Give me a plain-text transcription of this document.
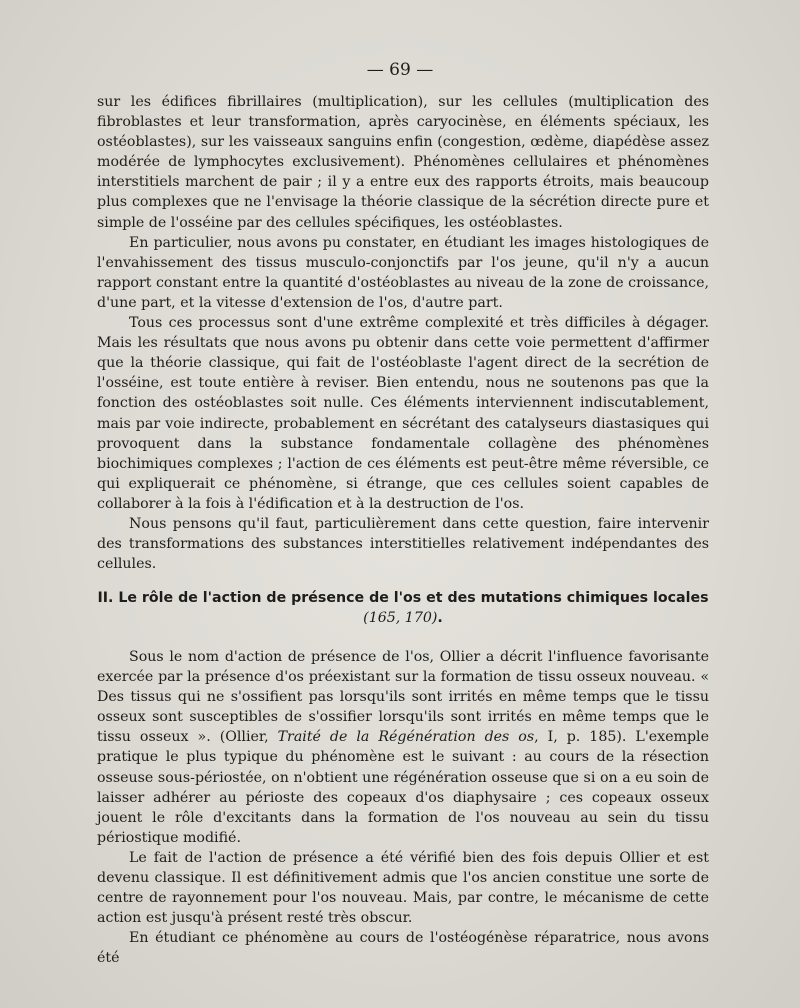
— 69 —

sur les édifices fibrillaires (multiplication), sur les cellules (multiplication des fibroblastes et leur transformation, après caryocinèse, en éléments spéciaux, les ostéoblastes), sur les vaisseaux sanguins enfin (congestion, œdème, diapédèse assez modérée de lymphocytes exclusivement). Phénomènes cellulaires et phénomènes interstitiels marchent de pair ; il y a entre eux des rapports étroits, mais beaucoup plus complexes que ne l'envisage la théorie classique de la sécrétion directe pure et simple de l'osséine par des cellules spécifiques, les ostéoblastes.

En particulier, nous avons pu constater, en étudiant les images histologiques de l'envahissement des tissus musculo-conjonctifs par l'os jeune, qu'il n'y a aucun rapport constant entre la quantité d'ostéoblastes au niveau de la zone de croissance, d'une part, et la vitesse d'extension de l'os, d'autre part.

Tous ces processus sont d'une extrême complexité et très difficiles à dégager. Mais les résultats que nous avons pu obtenir dans cette voie permettent d'affirmer que la théorie classique, qui fait de l'ostéoblaste l'agent direct de la secrétion de l'osséine, est toute entière à reviser. Bien entendu, nous ne soutenons pas que la fonction des ostéoblastes soit nulle. Ces éléments interviennent indiscutablement, mais par voie indirecte, probablement en sécrétant des catalyseurs diastasiques qui provoquent dans la substance fondamentale collagène des phénomènes biochimiques complexes ; l'action de ces éléments est peut-être même réversible, ce qui expliquerait ce phénomène, si étrange, que ces cellules soient capables de collaborer à la fois à l'édification et à la destruction de l'os.

Nous pensons qu'il faut, particulièrement dans cette question, faire intervenir des transformations des substances interstitielles relativement indépendantes des cellules.

II. Le rôle de l'action de présence de l'os et des mutations chimiques locales (165, 170).

Sous le nom d'action de présence de l'os, Ollier a décrit l'influence favorisante exercée par la présence d'os préexistant sur la formation de tissu osseux nouveau. « Des tissus qui ne s'ossifient pas lorsqu'ils sont irrités en même temps que le tissu osseux sont susceptibles de s'ossifier lorsqu'ils sont irrités en même temps que le tissu osseux ». (Ollier, Traité de la Régénération des os, I, p. 185). L'exemple pratique le plus typique du phénomène est le suivant : au cours de la résection osseuse sous-périostée, on n'obtient une régénération osseuse que si on a eu soin de laisser adhérer au périoste des copeaux d'os diaphysaire ; ces copeaux osseux jouent le rôle d'excitants dans la formation de l'os nouveau au sein du tissu périostique modifié.

Le fait de l'action de présence a été vérifié bien des fois depuis Ollier et est devenu classique. Il est définitivement admis que l'os ancien constitue une sorte de centre de rayonnement pour l'os nouveau. Mais, par contre, le mécanisme de cette action est jusqu'à présent resté très obscur.

En étudiant ce phénomène au cours de l'ostéogénèse réparatrice, nous avons été
